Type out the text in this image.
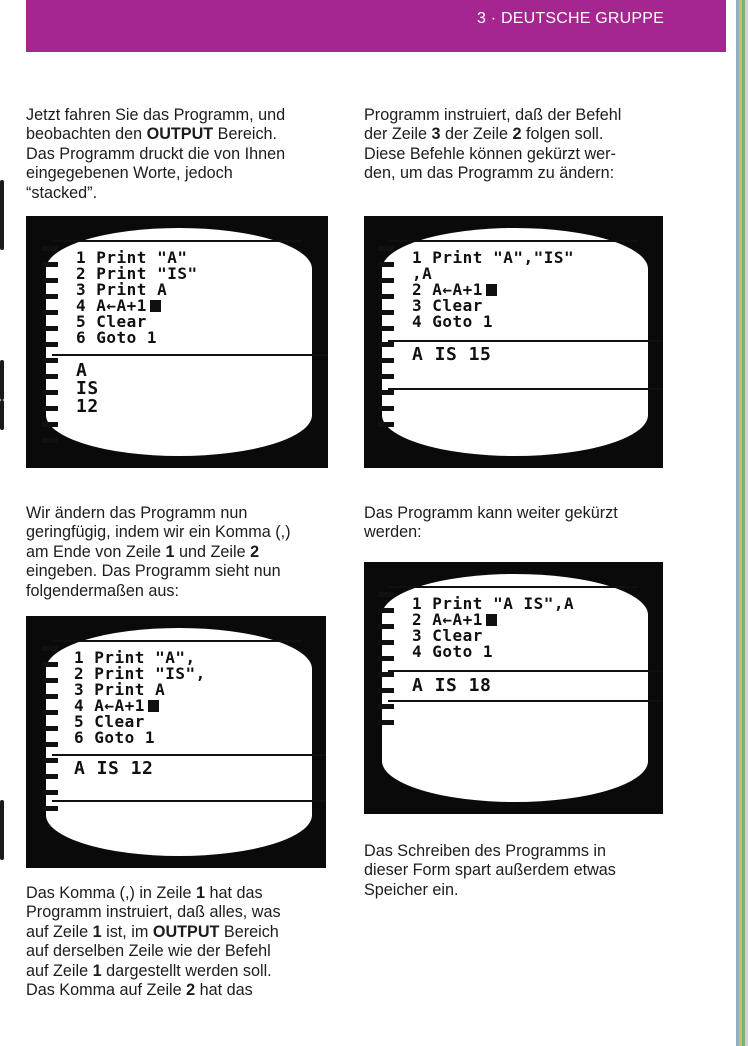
3 · DEUTSCHE GRUPPE
Jetzt fahren Sie das Programm, und
beobachten den OUTPUT Bereich.
Das Programm druckt die von Ihnen
eingegebenen Worte, jedoch
“stacked”.
Programm instruiert, daß der Befehl
der Zeile 3 der Zeile 2 folgen soll.
Diese Befehle können gekürzt wer-
den, um das Programm zu ändern:
1 Print "A"
2 Print "IS"
3 Print A
4 A←A+1
5 Clear
6 Goto 1
A
IS
12
1 Print "A","IS"
,A
2 A←A+1
3 Clear
4 Goto 1
A IS 15
Wir ändern das Programm nun
geringfügig, indem wir ein Komma (,)
am Ende von Zeile 1 und Zeile 2
eingeben. Das Programm sieht nun
folgendermaßen aus:
Das Programm kann weiter gekürzt
werden:
1 Print "A IS",A
2 A←A+1
3 Clear
4 Goto 1
A IS 18
1 Print "A",
2 Print "IS",
3 Print A
4 A←A+1
5 Clear
6 Goto 1
A IS 12
Das Schreiben des Programms in
dieser Form spart außerdem etwas
Speicher ein.
Das Komma (,) in Zeile 1 hat das
Programm instruiert, daß alles, was
auf Zeile 1 ist, im OUTPUT Bereich
auf derselben Zeile wie der Befehl
auf Zeile 1 dargestellt werden soll.
Das Komma auf Zeile 2 hat das
